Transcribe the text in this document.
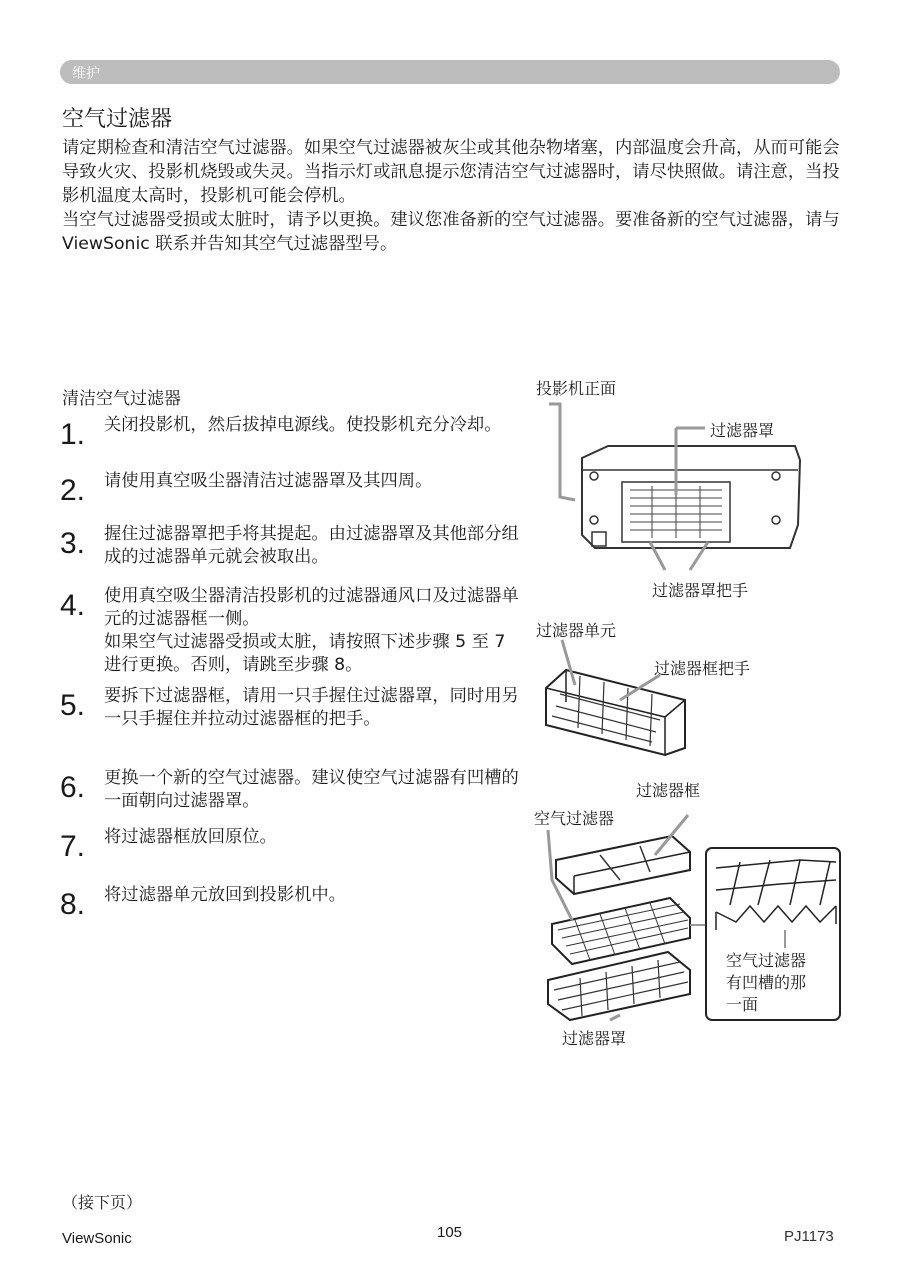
维护
空气过滤器

请定期检查和清洁空气过滤器。如果空气过滤器被灰尘或其他杂物堵塞，内部温度会升高，从而可能会导致火灾、投影机烧毁或失灵。当指示灯或訊息提示您清洁空气过滤器时，请尽快照做。请注意，当投影机温度太高时，投影机可能会停机。

当空气过滤器受损或太脏时，请予以更换。建议您准备新的空气过滤器。要准备新的空气过滤器，请与 ViewSonic 联系并告知其空气过滤器型号。

清洁空气过滤器
1. 关闭投影机，然后拔掉电源线。使投影机充分冷却。
2. 请使用真空吸尘器清洁过滤器罩及其四周。
3. 握住过滤器罩把手将其提起。由过滤器罩及其他部分组成的过滤器单元就会被取出。
4. 使用真空吸尘器清洁投影机的过滤器通风口及过滤器单元的过滤器框一侧。
如果空气过滤器受损或太脏，请按照下述步骤 5 至 7 进行更换。否则，请跳至步骤 8。
5. 要拆下过滤器框，请用一只手握住过滤器罩，同时用另一只手握住并拉动过滤器框的把手。
6. 更换一个新的空气过滤器。建议使空气过滤器有凹槽的一面朝向过滤器罩。
7. 将过滤器框放回原位。
8. 将过滤器单元放回到投影机中。
投影机正面
过滤器罩
过滤器罩把手
过滤器单元
过滤器框把手
过滤器框
空气过滤器
空气过滤器
有凹槽的那
一面
过滤器罩
（接下页）
ViewSonic	105	PJ1173
